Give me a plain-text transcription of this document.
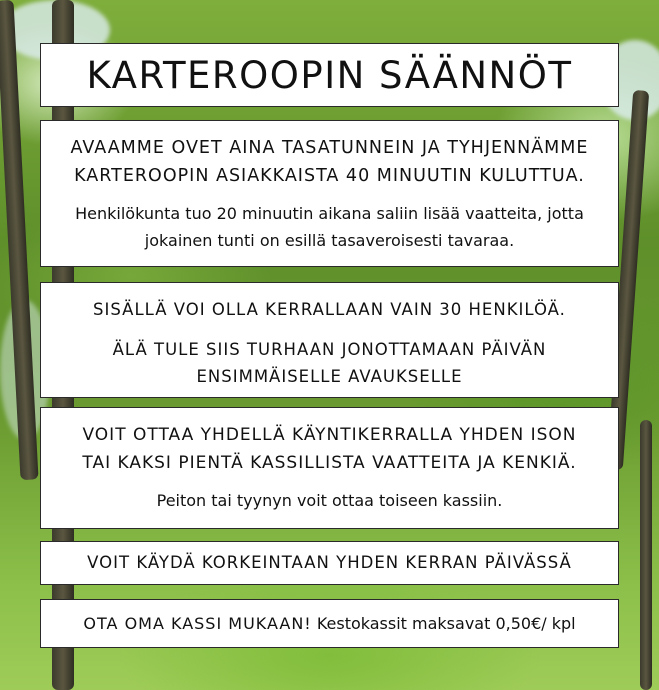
KARTEROOPIN SÄÄNNÖT
AVAAMME OVET AINA TASATUNNEIN JA TYHJENNÄMME
KARTEROOPIN ASIAKKAISTA 40 MINUUTIN KULUTTUA.
Henkilökunta tuo 20 minuutin aikana saliin lisää vaatteita, jotta
jokainen tunti on esillä tasaveroisesti tavaraa.
SISÄLLÄ VOI OLLA KERRALLAAN VAIN 30 HENKILÖÄ.
ÄLÄ TULE SIIS TURHAAN JONOTTAMAAN PÄIVÄN
ENSIMMÄISELLE AVAUKSELLE
VOIT OTTAA YHDELLÄ KÄYNTIKERRALLA YHDEN ISON
TAI KAKSI PIENTÄ KASSILLISTA VAATTEITA JA KENKIÄ.
Peiton tai tyynyn voit ottaa toiseen kassiin.
VOIT KÄYDÄ KORKEINTAAN YHDEN KERRAN PÄIVÄSSÄ
OTA OMA KASSI MUKAAN! Kestokassit maksavat 0,50€/ kpl
